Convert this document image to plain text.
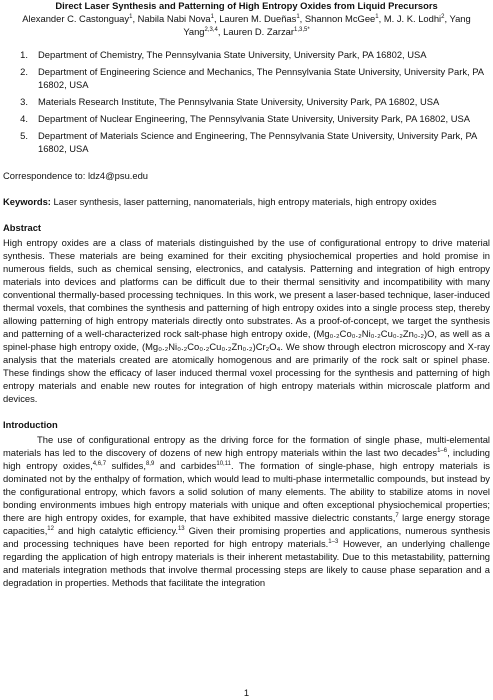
Direct Laser Synthesis and Patterning of High Entropy Oxides from Liquid Precursors
Alexander C. Castonguay$^1$, Nabila Nabi Nova$^1$, Lauren M. Dueñas$^1$, Shannon McGee$^1$, M. J. K. Lodhi$^2$, Yang Yang$^{2,3,4}$, Lauren D. Zarzar$^{1,3,5*}$
1.	Department of Chemistry, The Pennsylvania State University, University Park, PA 16802, USA
2.	Department of Engineering Science and Mechanics, The Pennsylvania State University, University Park, PA 16802, USA
3.	Materials Research Institute, The Pennsylvania State University, University Park, PA 16802, USA
4.	Department of Nuclear Engineering, The Pennsylvania State University, University Park, PA 16802, USA
5.	Department of Materials Science and Engineering, The Pennsylvania State University, University Park, PA 16802, USA

Correspondence to: ldz4@psu.edu

Keywords: Laser synthesis, laser patterning, nanomaterials, high entropy materials, high entropy oxides

Abstract

High entropy oxides are a class of materials distinguished by the use of configurational entropy to drive material synthesis. These materials are being examined for their exciting physiochemical properties and hold promise in numerous fields, such as chemical sensing, electronics, and catalysis. Patterning and integration of high entropy materials into devices and platforms can be difficult due to their thermal sensitivity and incompatibility with many conventional thermally-based processing techniques. In this work, we present a laser-based technique, laser-induced thermal voxels, that combines the synthesis and patterning of high entropy oxides into a single process step, thereby allowing patterning of high entropy materials directly onto substrates. As a proof-of-concept, we target the synthesis and patterning of a well-characterized rock salt-phase high entropy oxide, (Mg₀.₂Co₀.₂Ni₀.₂Cu₀.₂Zn₀.₂)O, as well as a spinel-phase high entropy oxide, (Mg₀.₂Ni₀.₂Co₀.₂Cu₀.₂Zn₀.₂)Cr₂O₄. We show through electron microscopy and X-ray analysis that the materials created are atomically homogenous and are primarily of the rock salt or spinel phase. These findings show the efficacy of laser induced thermal voxel processing for the synthesis and patterning of high entropy materials and enable new routes for integration of high entropy materials within microscale platform and devices.

Introduction

The use of configurational entropy as the driving force for the formation of single phase, multi-elemental materials has led to the discovery of dozens of new high entropy materials within the last two decades$^{1-6}$, including high entropy oxides,$^{4,6,7}$ sulfides,$^{8,9}$ and carbides$^{10,11}$. The formation of single-phase, high entropy materials is dominated not by the enthalpy of formation, which would lead to multi-phase intermetallic compounds, but instead by the configurational entropy, which favors a solid solution of many elements. The ability to stabilize atoms in novel bonding environments imbues high entropy materials with unique and often exceptional physiochemical properties; there are high entropy oxides, for example, that have exhibited massive dielectric constants,$^7$ large energy storage capacities,$^{12}$ and high catalytic efficiency.$^{13}$ Given their promising properties and applications, numerous synthesis and processing techniques have been reported for high entropy materials.$^{1-3}$ However, an underlying challenge regarding the application of high entropy materials is their inherent metastability. Due to this metastability, patterning and materials integration methods that involve thermal processing steps are likely to cause phase separation and a degradation in properties. Methods that facilitate the integration

1
